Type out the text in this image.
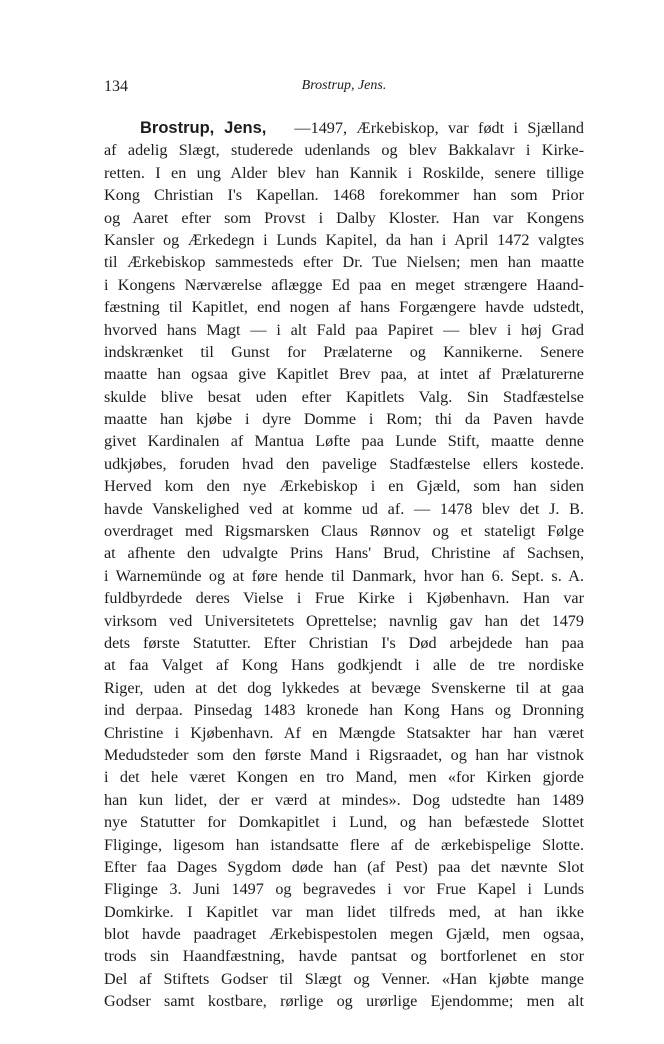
134	Brostrup, Jens.
Brostrup, Jens, —1497, Ærkebiskop, var født i Sjælland
af adelig Slægt, studerede udenlands og blev Bakkalavr i Kirke-
retten. I en ung Alder blev han Kannik i Roskilde, senere tillige
Kong Christian I's Kapellan. 1468 forekommer han som Prior
og Aaret efter som Provst i Dalby Kloster. Han var Kongens
Kansler og Ærkedegn i Lunds Kapitel, da han i April 1472 valgtes
til Ærkebiskop sammesteds efter Dr. Tue Nielsen; men han maatte
i Kongens Nærværelse aflægge Ed paa en meget strængere Haand-
fæstning til Kapitlet, end nogen af hans Forgængere havde udstedt,
hvorved hans Magt — i alt Fald paa Papiret — blev i høj Grad
indskrænket til Gunst for Prælaterne og Kannikerne. Senere
maatte han ogsaa give Kapitlet Brev paa, at intet af Prælaturerne
skulde blive besat uden efter Kapitlets Valg. Sin Stadfæstelse
maatte han kjøbe i dyre Domme i Rom; thi da Paven havde
givet Kardinalen af Mantua Løfte paa Lunde Stift, maatte denne
udkjøbes, foruden hvad den pavelige Stadfæstelse ellers kostede.
Herved kom den nye Ærkebiskop i en Gjæld, som han siden
havde Vanskelighed ved at komme ud af. — 1478 blev det J. B.
overdraget med Rigsmarsken Claus Rønnov og et stateligt Følge
at afhente den udvalgte Prins Hans' Brud, Christine af Sachsen,
i Warnemünde og at føre hende til Danmark, hvor han 6. Sept. s. A.
fuldbyrdede deres Vielse i Frue Kirke i Kjøbenhavn. Han var
virksom ved Universitetets Oprettelse; navnlig gav han det 1479
dets første Statutter. Efter Christian I's Død arbejdede han paa
at faa Valget af Kong Hans godkjendt i alle de tre nordiske
Riger, uden at det dog lykkedes at bevæge Svenskerne til at gaa
ind derpaa. Pinsedag 1483 kronede han Kong Hans og Dronning
Christine i Kjøbenhavn. Af en Mængde Statsakter har han været
Medudsteder som den første Mand i Rigsraadet, og han har vistnok
i det hele været Kongen en tro Mand, men «for Kirken gjorde
han kun lidet, der er værd at mindes». Dog udstedte han 1489
nye Statutter for Domkapitlet i Lund, og han befæstede Slottet
Fliginge, ligesom han istandsatte flere af de ærkebispelige Slotte.
Efter faa Dages Sygdom døde han (af Pest) paa det nævnte Slot
Fliginge 3. Juni 1497 og begravedes i vor Frue Kapel i Lunds
Domkirke. I Kapitlet var man lidet tilfreds med, at han ikke
blot havde paadraget Ærkebispestolen megen Gjæld, men ogsaa,
trods sin Haandfæstning, havde pantsat og bortforlenet en stor
Del af Stiftets Godser til Slægt og Venner. «Han kjøbte mange
Godser samt kostbare, rørlige og urørlige Ejendomme; men alt
